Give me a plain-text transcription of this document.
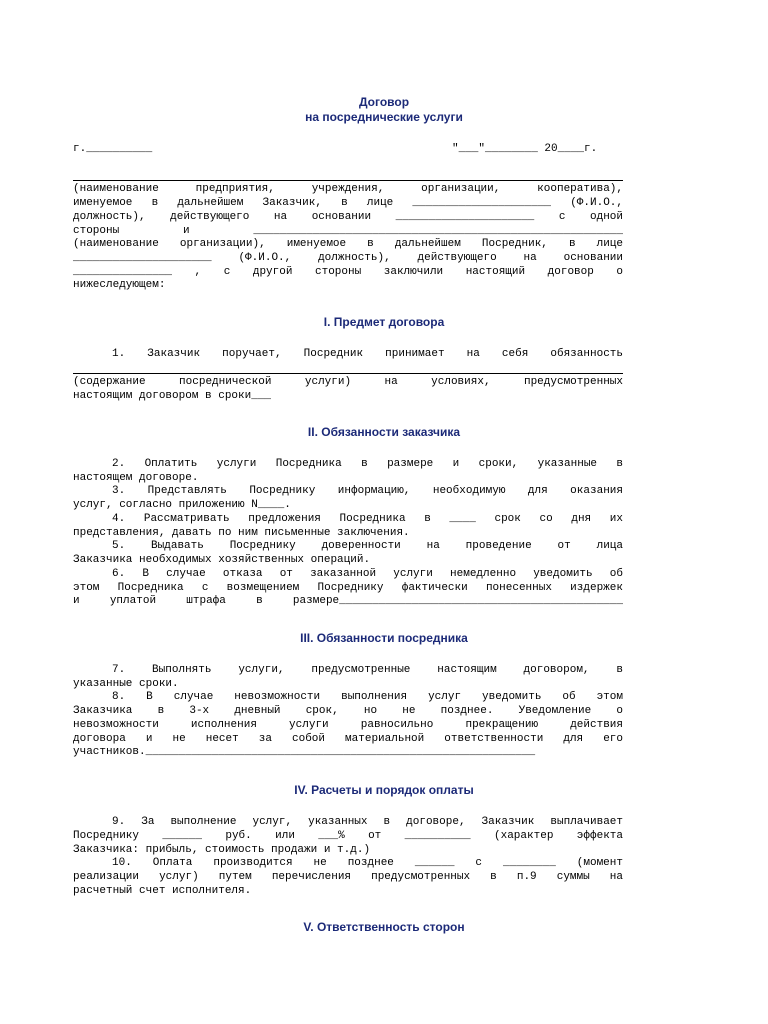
Договор
на посреднические услуги
г.__________	"___"________ 20____г.
(наименование предприятия, учреждения, организации, кооператива),
именуемое в дальнейшем Заказчик, в лице _____________________ (Ф.И.О.,
должность), действующего на основании _____________________ с одной
стороны и ________________________________________________________
(наименование организации), именуемое в дальнейшем Посредник, в лице
_____________________ (Ф.И.О., должность), действующего на основании
_______________ , с другой стороны заключили настоящий договор о
нижеследующем:
I. Предмет договора
1. Заказчик поручает, Посредник принимает на себя обязанность
(содержание посреднической услуги) на условиях, предусмотренных
настоящим договором в сроки___
II. Обязанности заказчика
2. Оплатить услуги Посредника в размере и сроки, указанные в
настоящем договоре.
3. Представлять Посреднику информацию, необходимую для оказания
услуг, согласно приложению N____.
4. Рассматривать предложения Посредника в ____ срок со дня их
представления, давать по ним письменные заключения.
5. Выдавать Посреднику доверенности на проведение от лица
Заказчика необходимых хозяйственных операций.
6. В случае отказа от заказанной услуги немедленно уведомить об
этом Посредника с возмещением Посреднику фактически понесенных издержек
и уплатой штрафа в размере___________________________________________
III. Обязанности посредника
7. Выполнять услуги, предусмотренные настоящим договором, в
указанные сроки.
8. В случае невозможности выполнения услуг уведомить об этом
Заказчика в 3-х дневный срок, но не позднее. Уведомление о
невозможности исполнения услуги равносильно прекращению действия
договора и не несет за собой материальной ответственности для его
участников.___________________________________________________________
IV. Расчеты и порядок оплаты
9. За выполнение услуг, указанных в договоре, Заказчик выплачивает
Посреднику ______ руб. или ___% от __________ (характер эффекта
Заказчика: прибыль, стоимость продажи и т.д.)
10. Оплата производится не позднее ______ с ________ (момент
реализации услуг) путем перечисления предусмотренных в п.9 суммы на
расчетный счет исполнителя.
V. Ответственность сторон
